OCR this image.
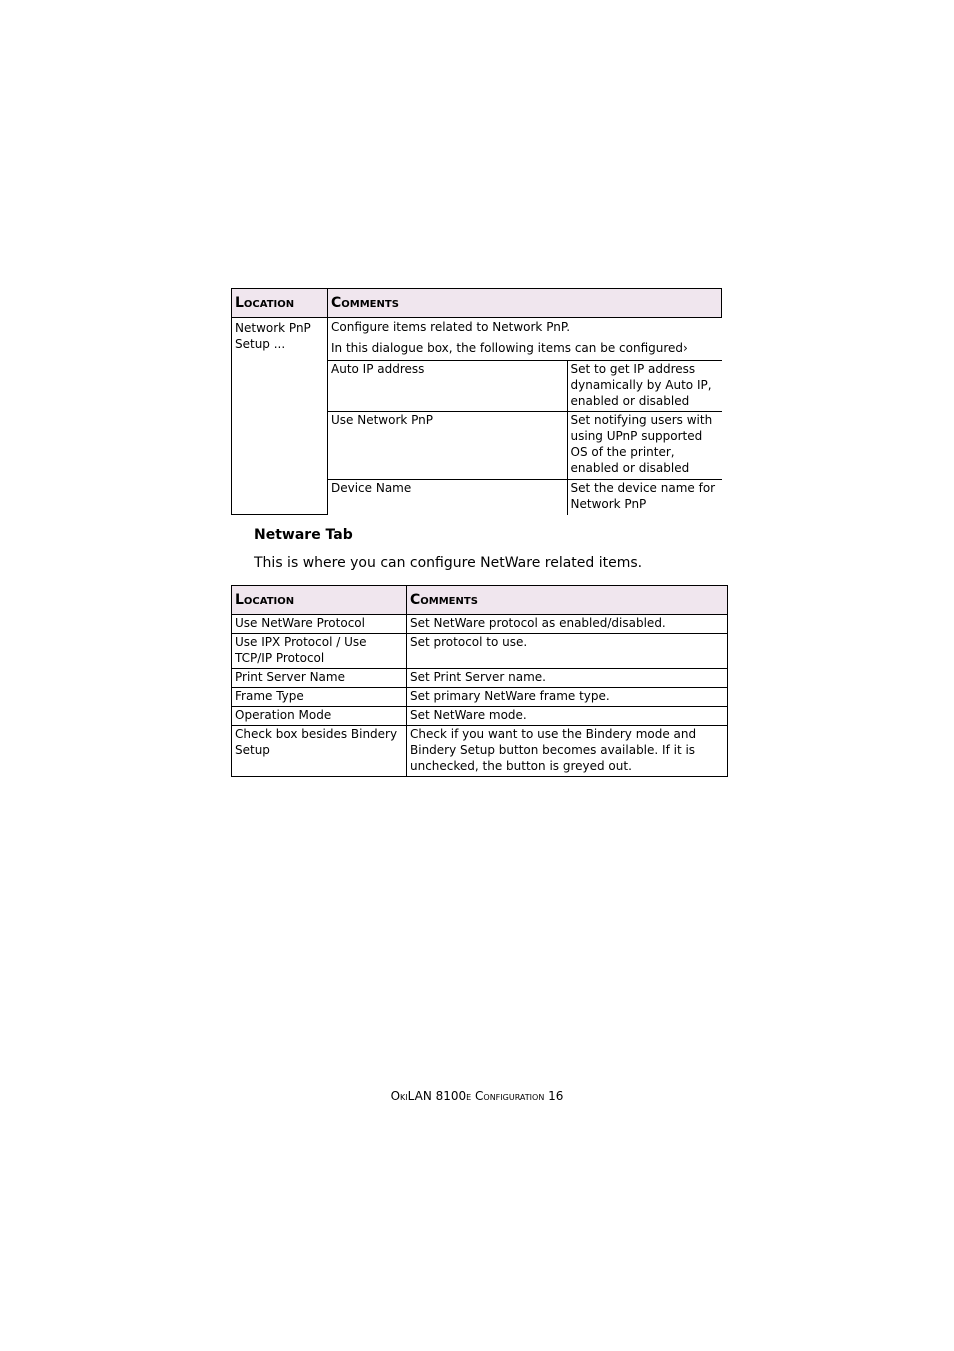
Location	Comments
Network PnP Setup ...	

Configure items related to Network PnP.

In this dialogue box, the following items can be configured›

Auto IP address	Set to get IP address dynamically by Auto IP, enabled or disabled
Use Network PnP	Set notifying users with using UPnP supported OS of the printer, enabled or disabled
Device Name	Set the device name for Network PnP
Netware Tab
This is where you can configure NetWare related items.
Location	Comments
Use NetWare Protocol	Set NetWare protocol as enabled/disabled.
Use IPX Protocol / Use TCP/IP Protocol	Set protocol to use.
Print Server Name	Set Print Server name.
Frame Type	Set primary NetWare frame type.
Operation Mode	Set NetWare mode.
Check box besides Bindery Setup	Check if you want to use the Bindery mode and Bindery Setup button becomes available. If it is unchecked, the button is greyed out.
OkiLAN 8100e Configuration 16
